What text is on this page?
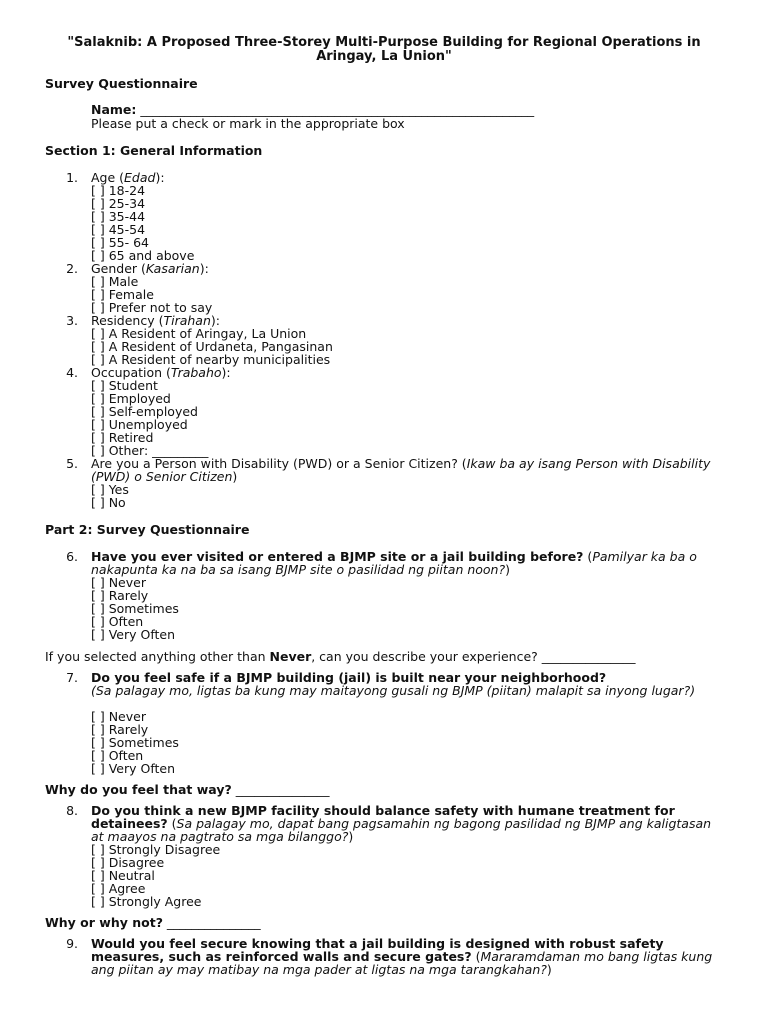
"Salaknib: A Proposed Three-Storey Multi-Purpose Building for Regional Operations in Aringay, La Union"
Survey Questionnaire
Name: _______________________________________________________________
Please put a check or mark in the appropriate box
Section 1: General Information
1. Age (Edad):
[ ] 18-24
[ ] 25-34
[ ] 35-44
[ ] 45-54
[ ] 55- 64
[ ] 65 and above
2. Gender (Kasarian):
[ ] Male
[ ] Female
[ ] Prefer not to say
3. Residency (Tirahan):
[ ] A Resident of Aringay, La Union
[ ] A Resident of Urdaneta, Pangasinan
[ ] A Resident of nearby municipalities
4. Occupation (Trabaho):
[ ] Student
[ ] Employed
[ ] Self-employed
[ ] Unemployed
[ ] Retired
[ ] Other: _________
5. Are you a Person with Disability (PWD) or a Senior Citizen? (Ikaw ba ay isang Person with Disability (PWD) o Senior Citizen)
[ ] Yes
[ ] No
Part 2: Survey Questionnaire
6. Have you ever visited or entered a BJMP site or a jail building before? (Pamilyar ka ba o nakapunta ka na ba sa isang BJMP site o pasilidad ng piitan noon?)
[ ] Never
[ ] Rarely
[ ] Sometimes
[ ] Often
[ ] Very Often
If you selected anything other than Never, can you describe your experience? _______________
7. Do you feel safe if a BJMP building (jail) is built near your neighborhood?
(Sa palagay mo, ligtas ba kung may maitayong gusali ng BJMP (piitan) malapit sa inyong lugar?)
[ ] Never
[ ] Rarely
[ ] Sometimes
[ ] Often
[ ] Very Often
Why do you feel that way? _______________
8. Do you think a new BJMP facility should balance safety with humane treatment for detainees? (Sa palagay mo, dapat bang pagsamahin ng bagong pasilidad ng BJMP ang kaligtasan at maayos na pagtrato sa mga bilanggo?)
[ ] Strongly Disagree
[ ] Disagree
[ ] Neutral
[ ] Agree
[ ] Strongly Agree
Why or why not? _______________
9. Would you feel secure knowing that a jail building is designed with robust safety measures, such as reinforced walls and secure gates? (Mararamdaman mo bang ligtas kung ang piitan ay may matibay na mga pader at ligtas na mga tarangkahan?)
